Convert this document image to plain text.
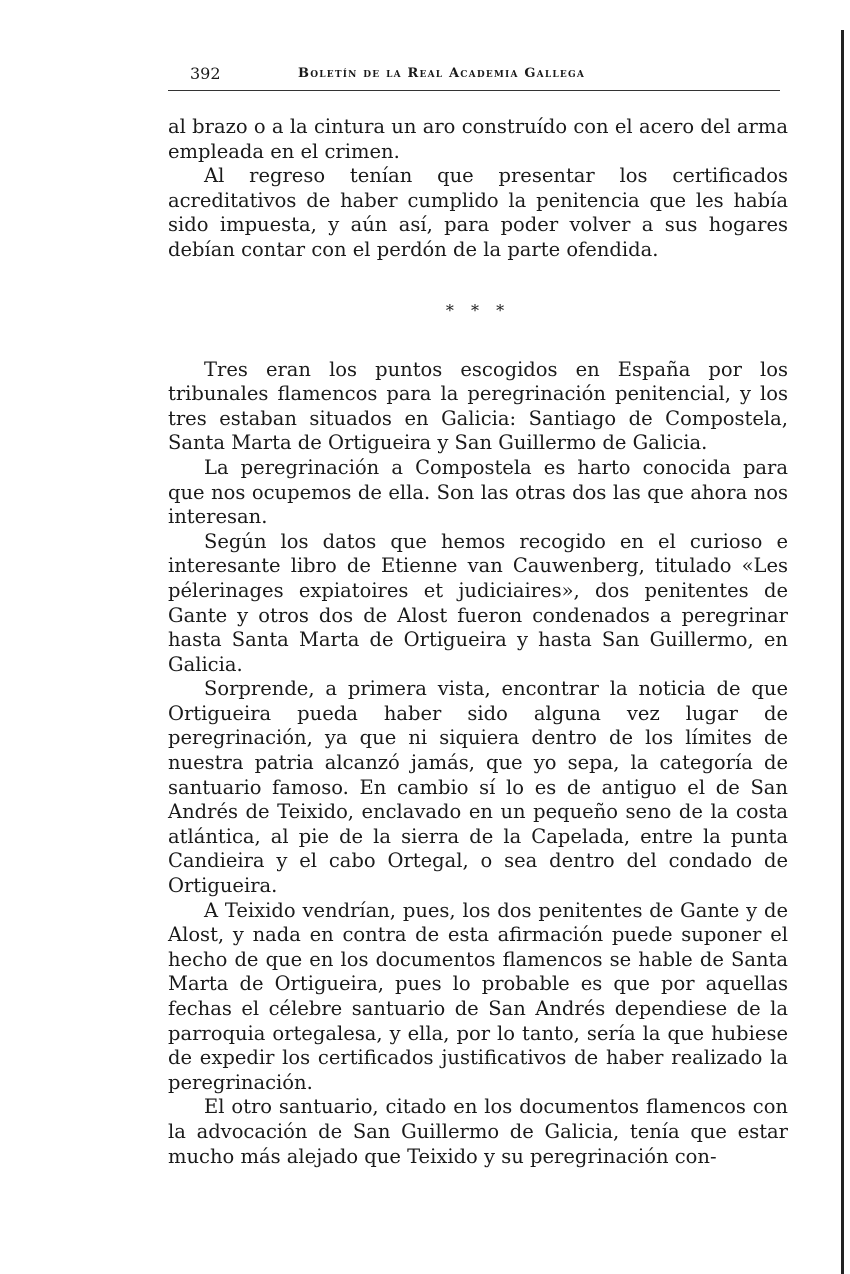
392	Boletín de la Real Academia Gallega

al brazo o a la cintura un aro construído con el acero del arma empleada en el crimen.

Al regreso tenían que presentar los certificados acreditativos de haber cumplido la penitencia que les había sido impuesta, y aún así, para poder volver a sus hogares debían contar con el perdón de la parte ofendida.

* * *

Tres eran los puntos escogidos en España por los tribunales flamencos para la peregrinación penitencial, y los tres estaban situados en Galicia: Santiago de Compostela, Santa Marta de Ortigueira y San Guillermo de Galicia.

La peregrinación a Compostela es harto conocida para que nos ocupemos de ella. Son las otras dos las que ahora nos interesan.

Según los datos que hemos recogido en el curioso e interesante libro de Etienne van Cauwenberg, titulado «Les pélerinages expiatoires et judiciaires», dos penitentes de Gante y otros dos de Alost fueron condenados a peregrinar hasta Santa Marta de Ortigueira y hasta San Guillermo, en Galicia.

Sorprende, a primera vista, encontrar la noticia de que Ortigueira pueda haber sido alguna vez lugar de peregrinación, ya que ni siquiera dentro de los límites de nuestra patria alcanzó jamás, que yo sepa, la categoría de santuario famoso. En cambio sí lo es de antiguo el de San Andrés de Teixido, enclavado en un pequeño seno de la costa atlántica, al pie de la sierra de la Capelada, entre la punta Candieira y el cabo Ortegal, o sea dentro del condado de Ortigueira.

A Teixido vendrían, pues, los dos penitentes de Gante y de Alost, y nada en contra de esta afirmación puede suponer el hecho de que en los documentos flamencos se hable de Santa Marta de Ortigueira, pues lo probable es que por aquellas fechas el célebre santuario de San Andrés dependiese de la parroquia ortegalesa, y ella, por lo tanto, sería la que hubiese de expedir los certificados justificativos de haber realizado la peregrinación.

El otro santuario, citado en los documentos flamencos con la advocación de San Guillermo de Galicia, tenía que estar mucho más alejado que Teixido y su peregrinación con-
